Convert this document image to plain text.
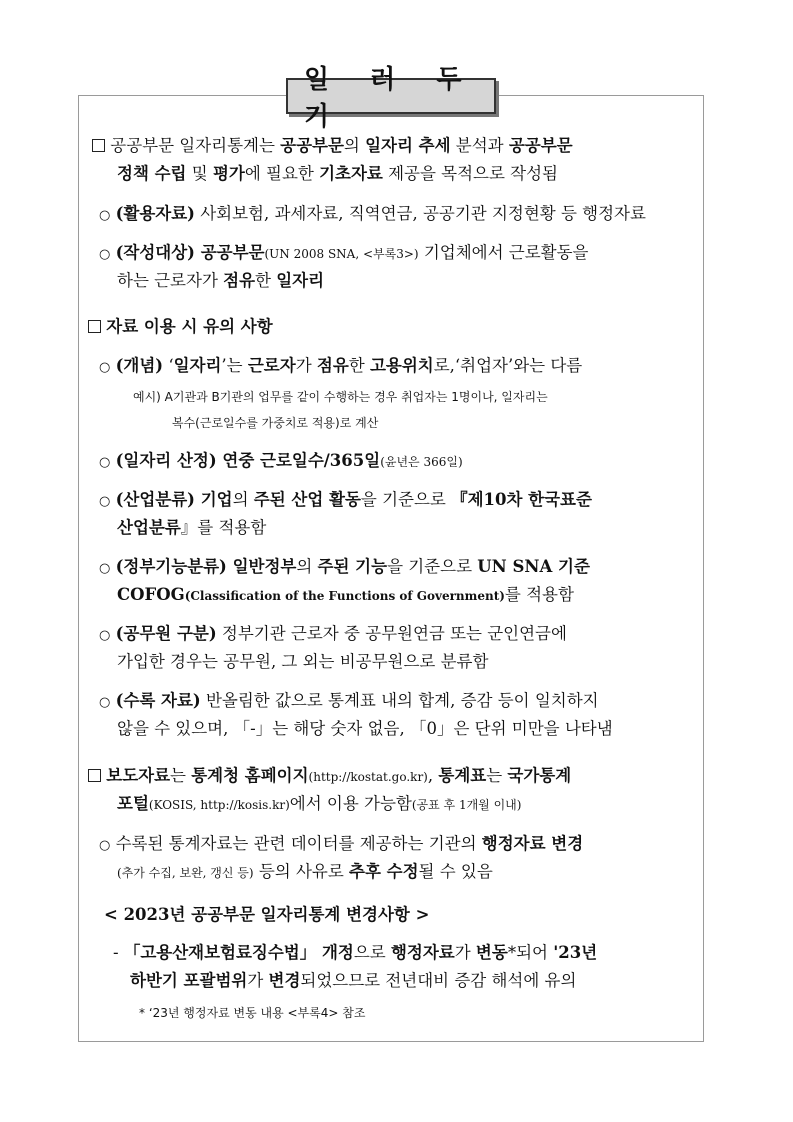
일 러 두 기
공공부문 일자리통계는 공공부문의 일자리 추세 분석과 공공부문
정책 수립 및 평가에 필요한 기초자료 제공을 목적으로 작성됨
○ (활용자료) 사회보험, 과세자료, 직역연금, 공공기관 지정현황 등 행정자료
○ (작성대상) 공공부문(UN 2008 SNA, <부록3>) 기업체에서 근로활동을
하는 근로자가 점유한 일자리
자료 이용 시 유의 사항
○ (개념) ‘일자리’는 근로자가 점유한 고용위치로,‘취업자’와는 다름
예시) A기관과 B기관의 업무를 같이 수행하는 경우 취업자는 1명이나, 일자리는
복수(근로일수를 가중치로 적용)로 계산
○ (일자리 산정) 연중 근로일수/365일(윤년은 366일)
○ (산업분류) 기업의 주된 산업 활동을 기준으로 『제10차 한국표준
산업분류』를 적용함
○ (정부기능분류) 일반정부의 주된 기능을 기준으로 UN SNA 기준
COFOG(Classification of the Functions of Government)를 적용함
○ (공무원 구분) 정부기관 근로자 중 공무원연금 또는 군인연금에
가입한 경우는 공무원, 그 외는 비공무원으로 분류함
○ (수록 자료) 반올림한 값으로 통계표 내의 합계, 증감 등이 일치하지
않을 수 있으며, 「-」는 해당 숫자 없음, 「0」은 단위 미만을 나타냄
보도자료는 통계청 홈페이지(http://kostat.go.kr), 통계표는 국가통계
포털(KOSIS, http://kosis.kr)에서 이용 가능함(공표 후 1개월 이내)
○ 수록된 통계자료는 관련 데이터를 제공하는 기관의 행정자료 변경
(추가 수집, 보완, 갱신 등) 등의 사유로 추후 수정될 수 있음
< 2023년 공공부문 일자리통계 변경사항 >
- 「고용산재보험료징수법」 개정으로 행정자료가 변동*되어 '23년
하반기 포괄범위가 변경되었으므로 전년대비 증감 해석에 유의
* ‘23년 행정자료 변동 내용 <부록4> 참조
